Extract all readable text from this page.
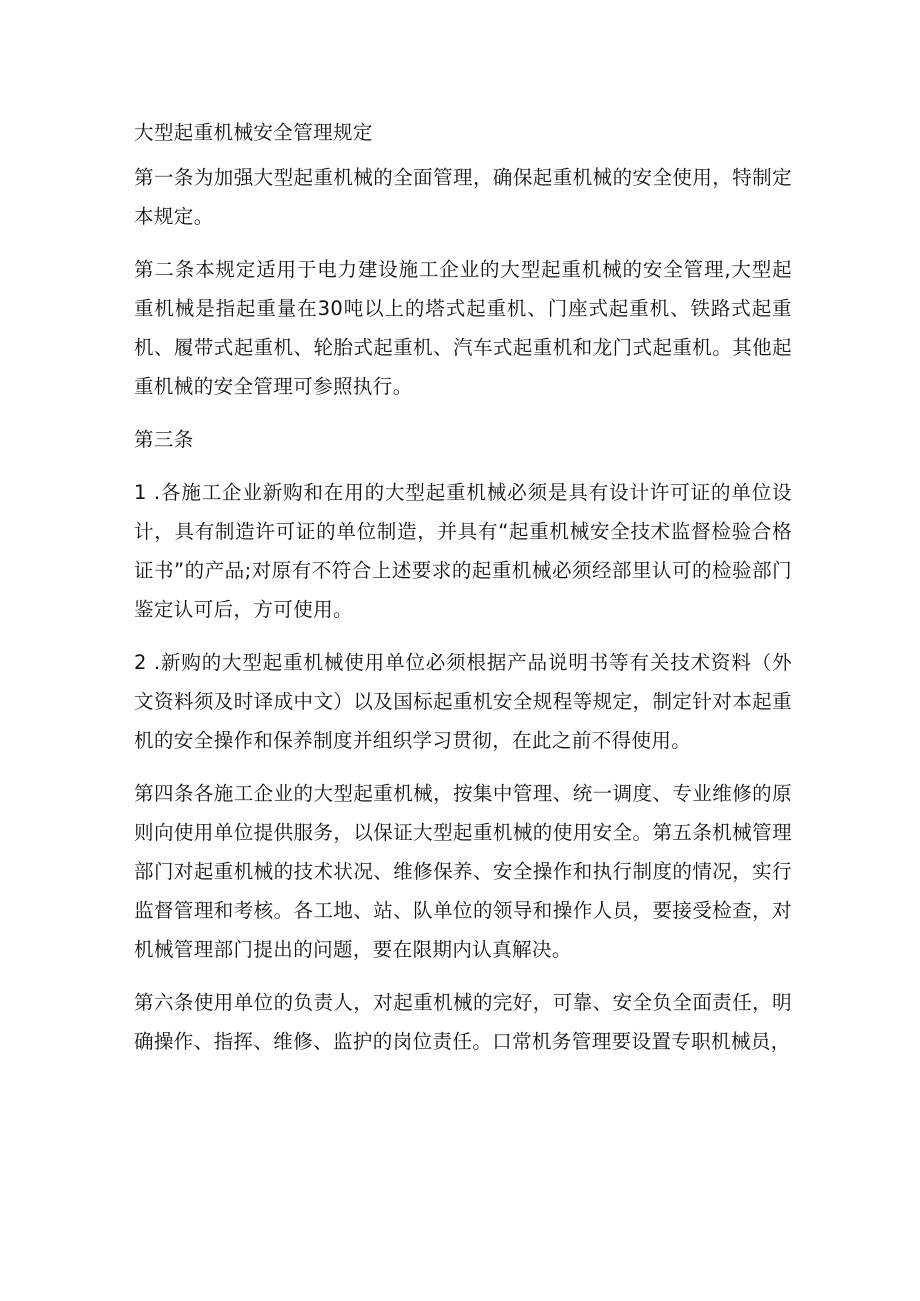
大型起重机械安全管理规定

第一条为加强大型起重机械的全面管理，确保起重机械的安全使用，特制定本规定。

第二条本规定适用于电力建设施工企业的大型起重机械的安全管理,大型起重机械是指起重量在30吨以上的塔式起重机、门座式起重机、铁路式起重机、履带式起重机、轮胎式起重机、汽车式起重机和龙门式起重机。其他起重机械的安全管理可参照执行。

第三条

1 .各施工企业新购和在用的大型起重机械必须是具有设计许可证的单位设计，具有制造许可证的单位制造，并具有“起重机械安全技术监督检验合格证书”的产品;对原有不符合上述要求的起重机械必须经部里认可的检验部门鉴定认可后，方可使用。

2 .新购的大型起重机械使用单位必须根据产品说明书等有关技术资料（外文资料须及时译成中文）以及国标起重机安全规程等规定，制定针对本起重机的安全操作和保养制度并组织学习贯彻，在此之前不得使用。

第四条各施工企业的大型起重机械，按集中管理、统一调度、专业维修的原则向使用单位提供服务，以保证大型起重机械的使用安全。第五条机械管理部门对起重机械的技术状况、维修保养、安全操作和执行制度的情况，实行监督管理和考核。各工地、站、队单位的领导和操作人员，要接受检查，对机械管理部门提出的问题，要在限期内认真解决。

第六条使用单位的负责人，对起重机械的完好，可靠、安全负全面责任，明确操作、指挥、维修、监护的岗位责任。口常机务管理要设置专职机械员，
